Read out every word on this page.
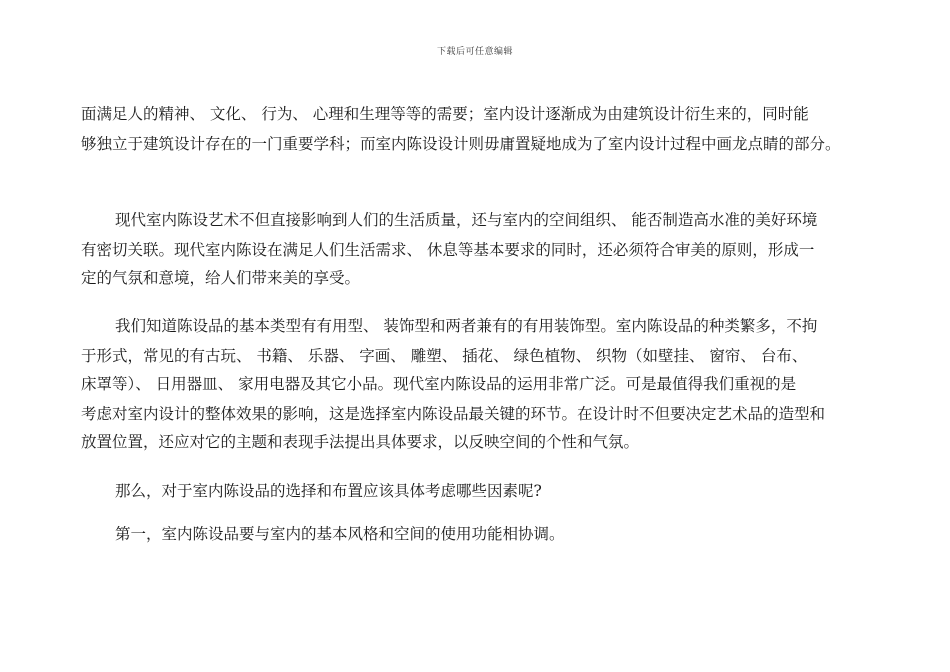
下载后可任意编辑
面满足人的精神、 文化、 行为、 心理和生理等等的需要；室内设计逐渐成为由建筑设计衍生来的，同时能
够独立于建筑设计存在的一门重要学科；而室内陈设设计则毋庸置疑地成为了室内设计过程中画龙点睛的部分。
现代室内陈设艺术不但直接影响到人们的生活质量，还与室内的空间组织、 能否制造高水准的美好环境
有密切关联。现代室内陈设在满足人们生活需求、 休息等基本要求的同时，还必须符合审美的原则，形成一
定的气氛和意境，给人们带来美的享受。
我们知道陈设品的基本类型有有用型、 装饰型和两者兼有的有用装饰型。室内陈设品的种类繁多，不拘
于形式，常见的有古玩、 书籍、 乐器、 字画、 雕塑、 插花、 绿色植物、 织物（如壁挂、 窗帘、 台布、
床罩等）、 日用器皿、 家用电器及其它小品。现代室内陈设品的运用非常广泛。可是最值得我们重视的是
考虑对室内设计的整体效果的影响，这是选择室内陈设品最关键的环节。在设计时不但要决定艺术品的造型和
放置位置，还应对它的主题和表现手法提出具体要求，以反映空间的个性和气氛。
那么，对于室内陈设品的选择和布置应该具体考虑哪些因素呢?
第一，室内陈设品要与室内的基本风格和空间的使用功能相协调。
